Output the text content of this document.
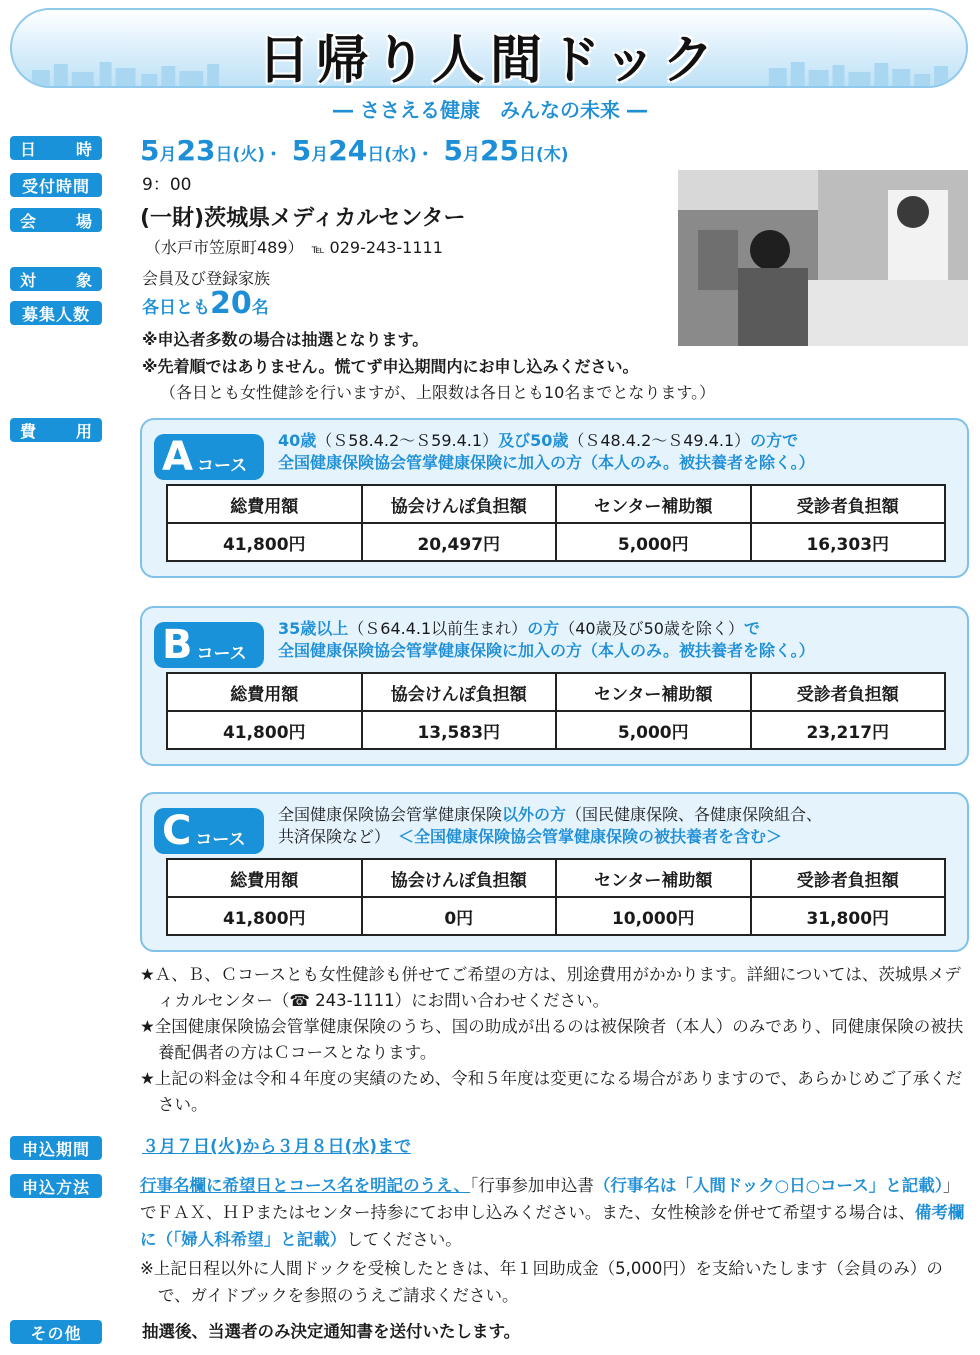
日帰り人間ドック
― ささえる健康　みんなの未来 ―
日 時 5月23日(火)・ 5月24日(水)・ 5月25日(木)
受付時間	9：00
会 場 (一財)茨城県メディカルセンター
（水戸市笠原町489）　 ℡ 029-243-1111
対 象	会員及び登録家族
募集人数	各日とも20名
※申込者多数の場合は抽選となります。
※先着順ではありません。慌てず申込期間内にお申し込みください。
（各日とも女性健診を行いますが、上限数は各日とも10名までとなります。）
費 用
A コース
40歳（Ｓ58.4.2～Ｓ59.4.1）及び50歳（Ｓ48.4.2～Ｓ49.4.1）の方で
全国健康保険協会管掌健康保険に加入の方（本人のみ。被扶養者を除く。）
総費用額	協会けんぽ負担額	センター補助額	受診者負担額
41,800円	20,497円	5,000円	16,303円
B コース
35歳以上（Ｓ64.4.1以前生まれ）の方（40歳及び50歳を除く）で
全国健康保険協会管掌健康保険に加入の方（本人のみ。被扶養者を除く。）
総費用額	協会けんぽ負担額	センター補助額	受診者負担額
41,800円	13,583円	5,000円	23,217円
C コース
全国健康保険協会管掌健康保険以外の方（国民健康保険、各健康保険組合、
共済保険など）　 ＜全国健康保険協会管掌健康保険の被扶養者を含む＞
総費用額	協会けんぽ負担額	センター補助額	受診者負担額
41,800円	0円	10,000円	31,800円

★Ａ、Ｂ、Ｃコースとも女性健診も併せてご希望の方は、別途費用がかかります。詳細については、茨城県メディカルセンター（☎ 243-1111）にお問い合わせください。

★全国健康保険協会管掌健康保険のうち、国の助成が出るのは被保険者（本人）のみであり、同健康保険の被扶養配偶者の方はＣコースとなります。

★上記の料金は令和４年度の実績のため、令和５年度は変更になる場合がありますので、あらかじめご了承ください。

申込期間	３月７日(火)から３月８日(水)まで
申込方法	行事名欄に希望日とコース名を明記のうえ、「行事参加申込書（行事名は「人間ドック○日○コース」と記載）」でＦＡＸ、ＨＰまたはセンター持参にてお申し込みください。また、女性検診を併せて希望する場合は、備考欄に（「婦人科希望」と記載）してください。

※上記日程以外に人間ドックを受検したときは、年１回助成金（5,000円）を支給いたします（会員のみ）ので、ガイドブックを参照のうえご請求ください。

その他	抽選後、当選者のみ決定通知書を送付いたします。
